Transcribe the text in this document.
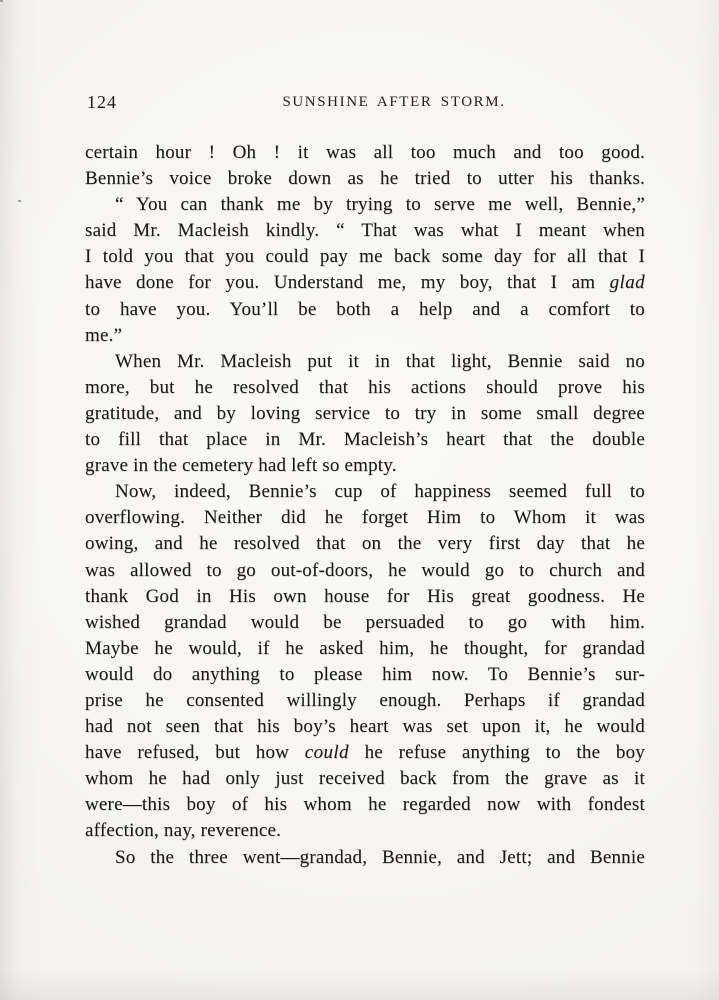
124	SUNSHINE AFTER STORM.
certain hour ! Oh ! it was all too much and too good.
Bennie’s voice broke down as he tried to utter his thanks.
“ You can thank me by trying to serve me well, Bennie,”
said Mr. Macleish kindly. “ That was what I meant when
I told you that you could pay me back some day for all that I
have done for you. Understand me, my boy, that I am glad
to have you. You’ll be both a help and a comfort to
me.”
When Mr. Macleish put it in that light, Bennie said no
more, but he resolved that his actions should prove his
gratitude, and by loving service to try in some small degree
to fill that place in Mr. Macleish’s heart that the double
grave in the cemetery had left so empty.
Now, indeed, Bennie’s cup of happiness seemed full to
overflowing. Neither did he forget Him to Whom it was
owing, and he resolved that on the very first day that he
was allowed to go out-of-doors, he would go to church and
thank God in His own house for His great goodness. He
wished grandad would be persuaded to go with him.
Maybe he would, if he asked him, he thought, for grandad
would do anything to please him now. To Bennie’s sur-
prise he consented willingly enough. Perhaps if grandad
had not seen that his boy’s heart was set upon it, he would
have refused, but how could he refuse anything to the boy
whom he had only just received back from the grave as it
were—this boy of his whom he regarded now with fondest
affection, nay, reverence.
So the three went—grandad, Bennie, and Jett; and Bennie
